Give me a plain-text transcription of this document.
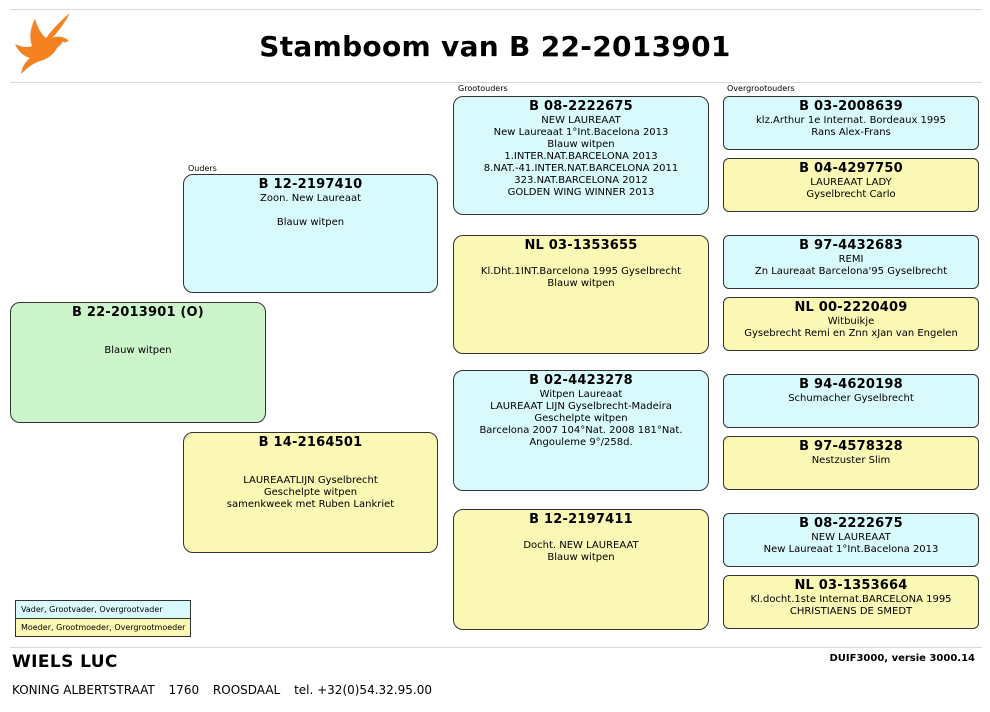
Stamboom van B 22-2013901
Ouders
Grootouders	Overgrootouders
B 22-2013901 (O)
Blauw witpen
B 12-2197410
Zoon. New Laureaat
Blauw witpen
B 14-2164501
LAUREAATLIJN Gyselbrecht
Geschelpte witpen
samenkweek met Ruben Lankriet
B 08-2222675
NEW LAUREAAT
New Laureaat 1°Int.Bacelona 2013
Blauw witpen
1.INTER.NAT.BARCELONA 2013
8.NAT.-41.INTER.NAT.BARCELONA 2011
323.NAT.BARCELONA 2012
GOLDEN WING WINNER 2013
NL 03-1353655
Kl.Dht.1INT.Barcelona 1995 Gyselbrecht
Blauw witpen
B 02-4423278
Witpen Laureaat
LAUREAAT LIJN Gyselbrecht-Madeira
Geschelpte witpen
Barcelona 2007 104°Nat. 2008 181°Nat.
Angouleme 9°/258d.
B 12-2197411
Docht. NEW LAUREAAT
Blauw witpen
B 03-2008639
klz.Arthur 1e Internat. Bordeaux 1995
Rans Alex-Frans
B 04-4297750
LAUREAAT LADY
Gyselbrecht Carlo
B 97-4432683
REMI
Zn Laureaat Barcelona'95 Gyselbrecht
NL 00-2220409
Witbuikje
Gysebrecht Remi en Znn xJan van Engelen
B 94-4620198
Schumacher Gyselbrecht
B 97-4578328
Nestzuster Slim
B 08-2222675
NEW LAUREAAT
New Laureaat 1°Int.Bacelona 2013
NL 03-1353664
Kl.docht.1ste Internat.BARCELONA 1995
CHRISTIAENS DE SMEDT
Vader, Grootvader, Overgrootvader
Moeder, Grootmoeder, Overgrootmoeder
WIELS LUC
KONING ALBERTSTRAAT 1760 ROOSDAAL tel. +32(0)54.32.95.00
DUIF3000, versie 3000.14
